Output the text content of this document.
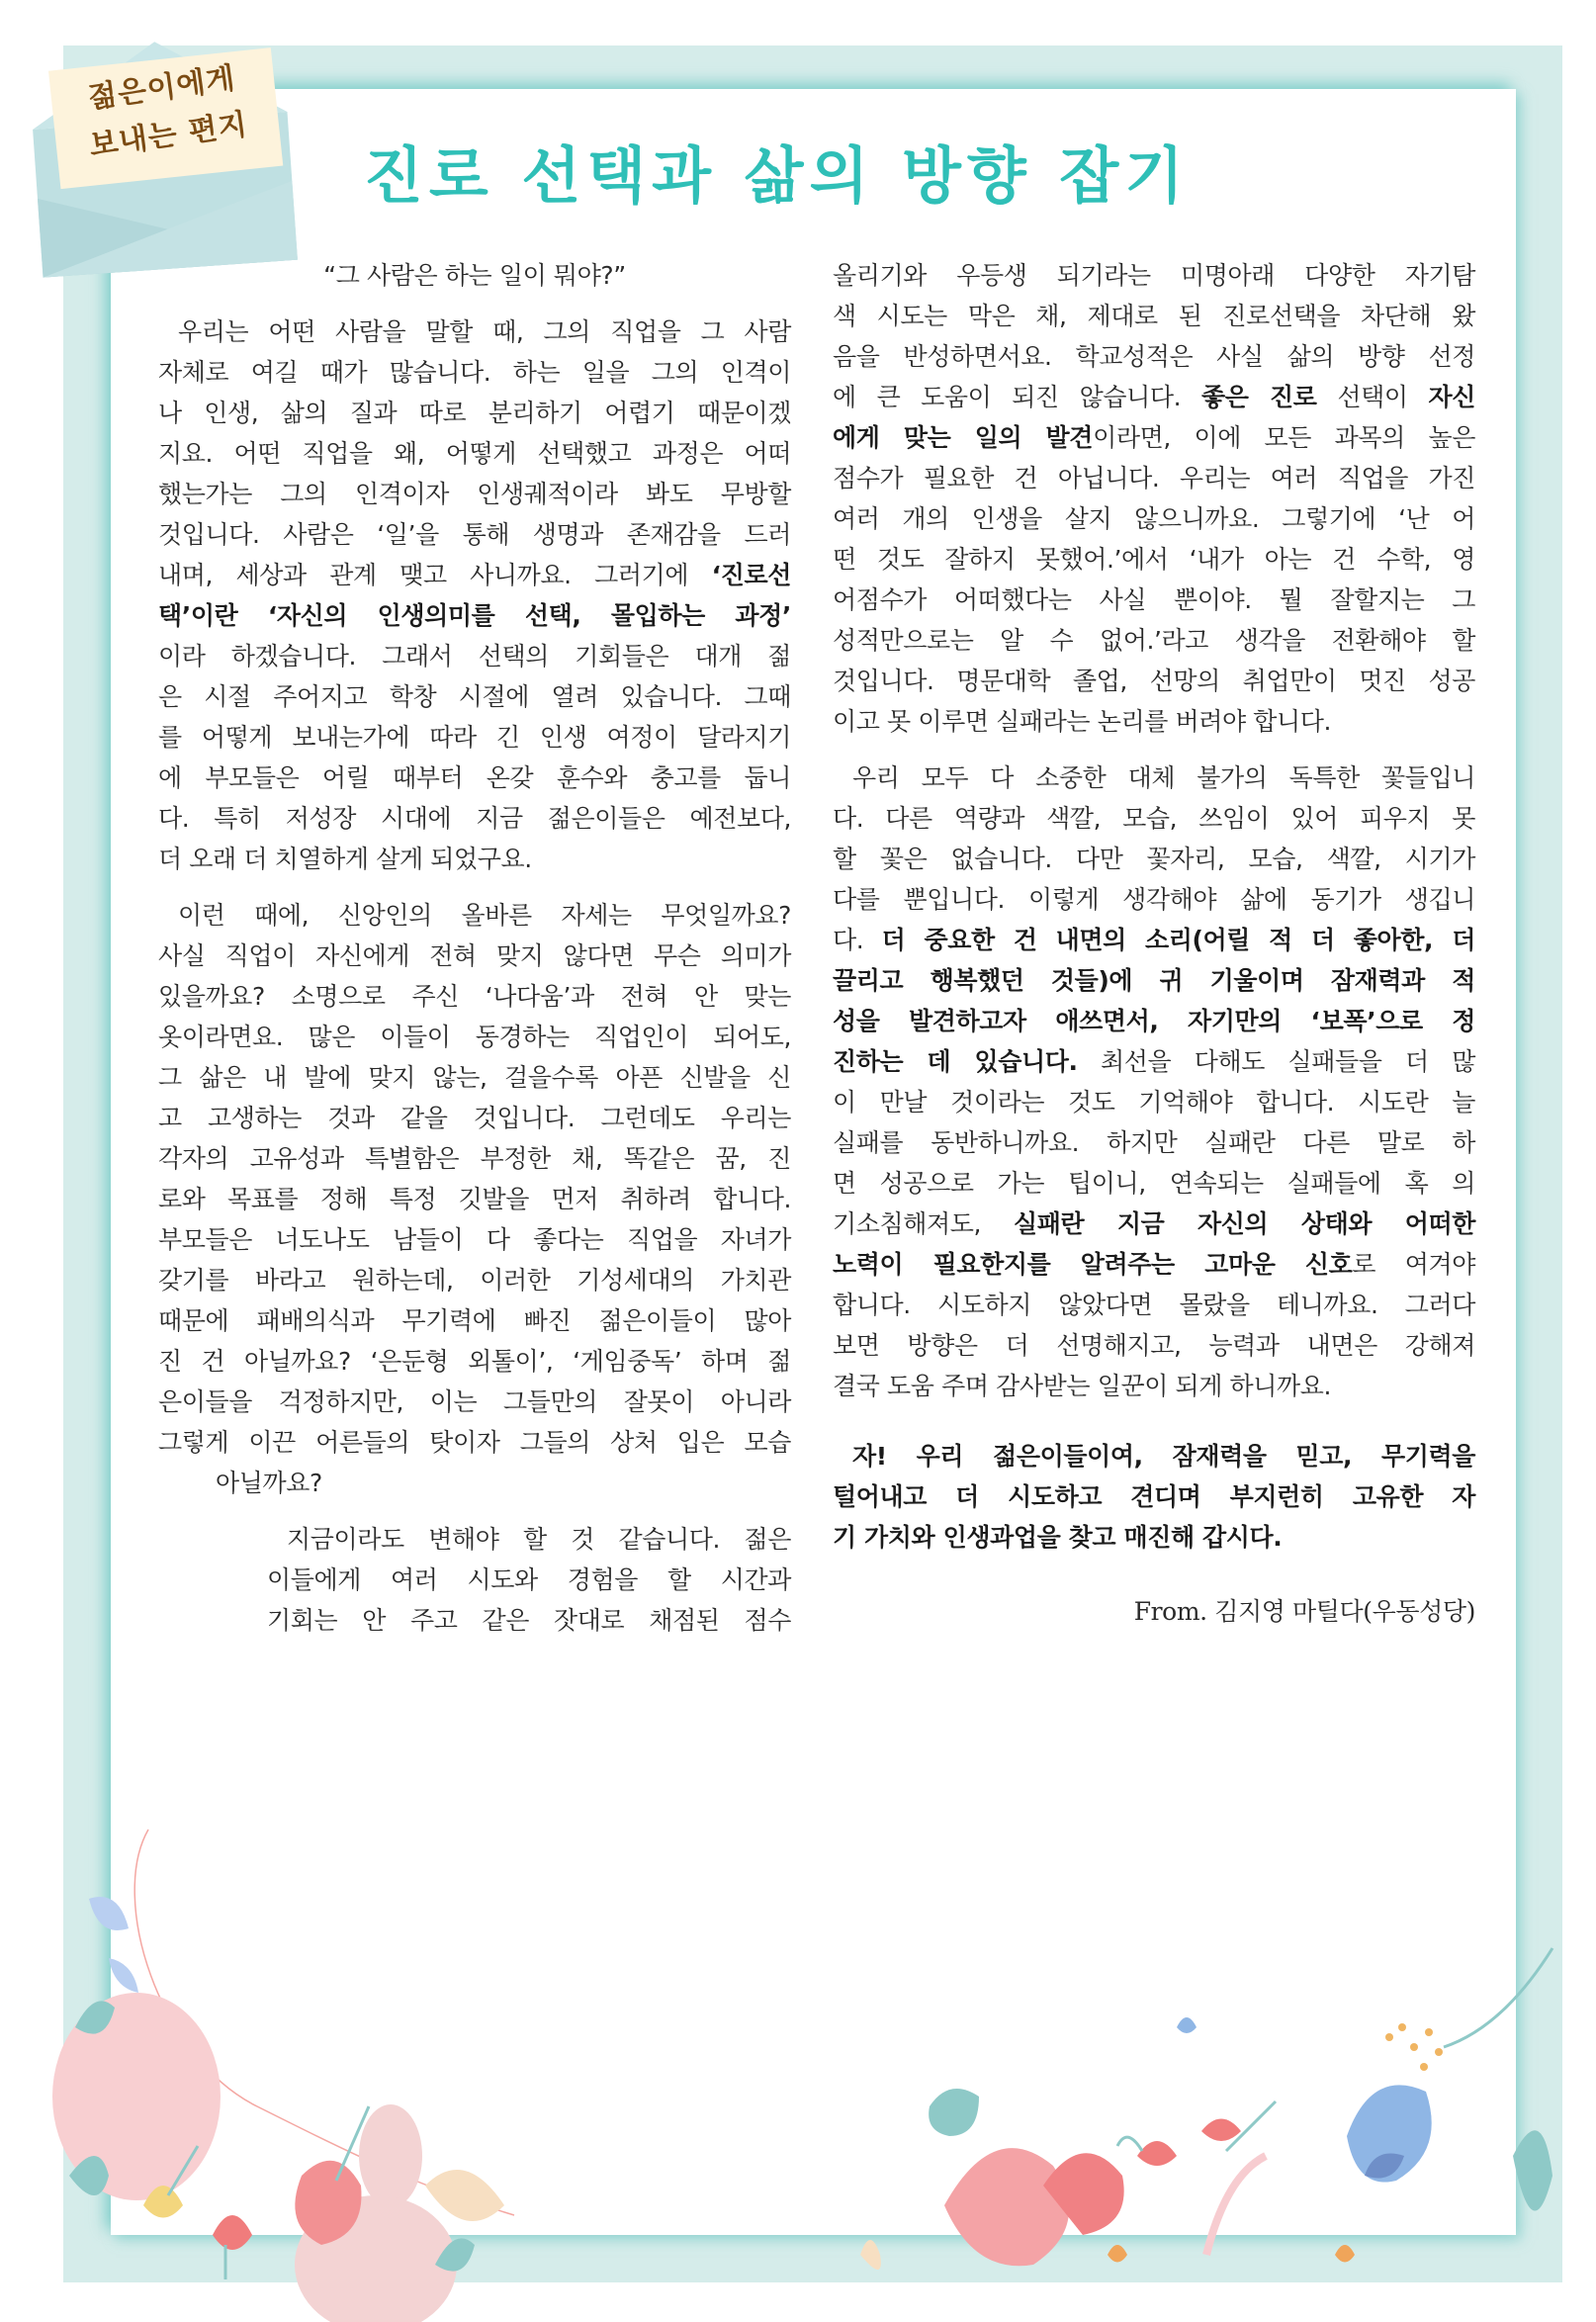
젊은이에게
보내는 편지
진로 선택과 삶의 방향 잡기
“그 사람은 하는 일이 뭐야?”
우리는 어떤 사람을 말할 때, 그의 직업을 그 사람
자체로 여길 때가 많습니다. 하는 일을 그의 인격이
나 인생, 삶의 질과 따로 분리하기 어렵기 때문이겠
지요. 어떤 직업을 왜, 어떻게 선택했고 과정은 어떠
했는가는 그의 인격이자 인생궤적이라 봐도 무방할
것입니다. 사람은 ‘일’을 통해 생명과 존재감을 드러
내며, 세상과 관계 맺고 사니까요. 그러기에 ‘진로선
택’이란 ‘자신의 인생의미를 선택, 몰입하는 과정’
이라 하겠습니다. 그래서 선택의 기회들은 대개 젊
은 시절 주어지고 학창 시절에 열려 있습니다. 그때
를 어떻게 보내는가에 따라 긴 인생 여정이 달라지기
에 부모들은 어릴 때부터 온갖 훈수와 충고를 둡니
다. 특히 저성장 시대에 지금 젊은이들은 예전보다,
더 오래 더 치열하게 살게 되었구요.
이런 때에, 신앙인의 올바른 자세는 무엇일까요?
사실 직업이 자신에게 전혀 맞지 않다면 무슨 의미가
있을까요? 소명으로 주신 ‘나다움’과 전혀 안 맞는
옷이라면요. 많은 이들이 동경하는 직업인이 되어도,
그 삶은 내 발에 맞지 않는, 걸을수록 아픈 신발을 신
고 고생하는 것과 같을 것입니다. 그런데도 우리는
각자의 고유성과 특별함은 부정한 채, 똑같은 꿈, 진
로와 목표를 정해 특정 깃발을 먼저 취하려 합니다.
부모들은 너도나도 남들이 다 좋다는 직업을 자녀가
갖기를 바라고 원하는데, 이러한 기성세대의 가치관
때문에 패배의식과 무기력에 빠진 젊은이들이 많아
진 건 아닐까요? ‘은둔형 외톨이’, ‘게임중독’ 하며 젊
은이들을 걱정하지만, 이는 그들만의 잘못이 아니라
그렇게 이끈 어른들의 탓이자 그들의 상처 입은 모습
아닐까요?
지금이라도 변해야 할 것 같습니다. 젊은
이들에게 여러 시도와 경험을 할 시간과
기회는 안 주고 같은 잣대로 채점된 점수
올리기와 우등생 되기라는 미명아래 다양한 자기탐
색 시도는 막은 채, 제대로 된 진로선택을 차단해 왔
음을 반성하면서요. 학교성적은 사실 삶의 방향 선정
에 큰 도움이 되진 않습니다. 좋은 진로 선택이 자신
에게 맞는 일의 발견이라면, 이에 모든 과목의 높은
점수가 필요한 건 아닙니다. 우리는 여러 직업을 가진
여러 개의 인생을 살지 않으니까요. 그렇기에 ‘난 어
떤 것도 잘하지 못했어.’에서 ‘내가 아는 건 수학, 영
어점수가 어떠했다는 사실 뿐이야. 뭘 잘할지는 그
성적만으로는 알 수 없어.’라고 생각을 전환해야 할
것입니다. 명문대학 졸업, 선망의 취업만이 멋진 성공
이고 못 이루면 실패라는 논리를 버려야 합니다.
우리 모두 다 소중한 대체 불가의 독특한 꽃들입니
다. 다른 역량과 색깔, 모습, 쓰임이 있어 피우지 못
할 꽃은 없습니다. 다만 꽃자리, 모습, 색깔, 시기가
다를 뿐입니다. 이렇게 생각해야 삶에 동기가 생깁니
다. 더 중요한 건 내면의 소리(어릴 적 더 좋아한, 더
끌리고 행복했던 것들)에 귀 기울이며 잠재력과 적
성을 발견하고자 애쓰면서, 자기만의 ‘보폭’으로 정
진하는 데 있습니다. 최선을 다해도 실패들을 더 많
이 만날 것이라는 것도 기억해야 합니다. 시도란 늘
실패를 동반하니까요. 하지만 실패란 다른 말로 하
면 성공으로 가는 팁이니, 연속되는 실패들에 혹 의
기소침해져도, 실패란 지금 자신의 상태와 어떠한
노력이 필요한지를 알려주는 고마운 신호로 여겨야
합니다. 시도하지 않았다면 몰랐을 테니까요. 그러다
보면 방향은 더 선명해지고, 능력과 내면은 강해져
결국 도움 주며 감사받는 일꾼이 되게 하니까요.
자! 우리 젊은이들이여, 잠재력을 믿고, 무기력을
털어내고 더 시도하고 견디며 부지런히 고유한 자
기 가치와 인생과업을 찾고 매진해 갑시다.
From. 김지영 마틸다(우동성당)
